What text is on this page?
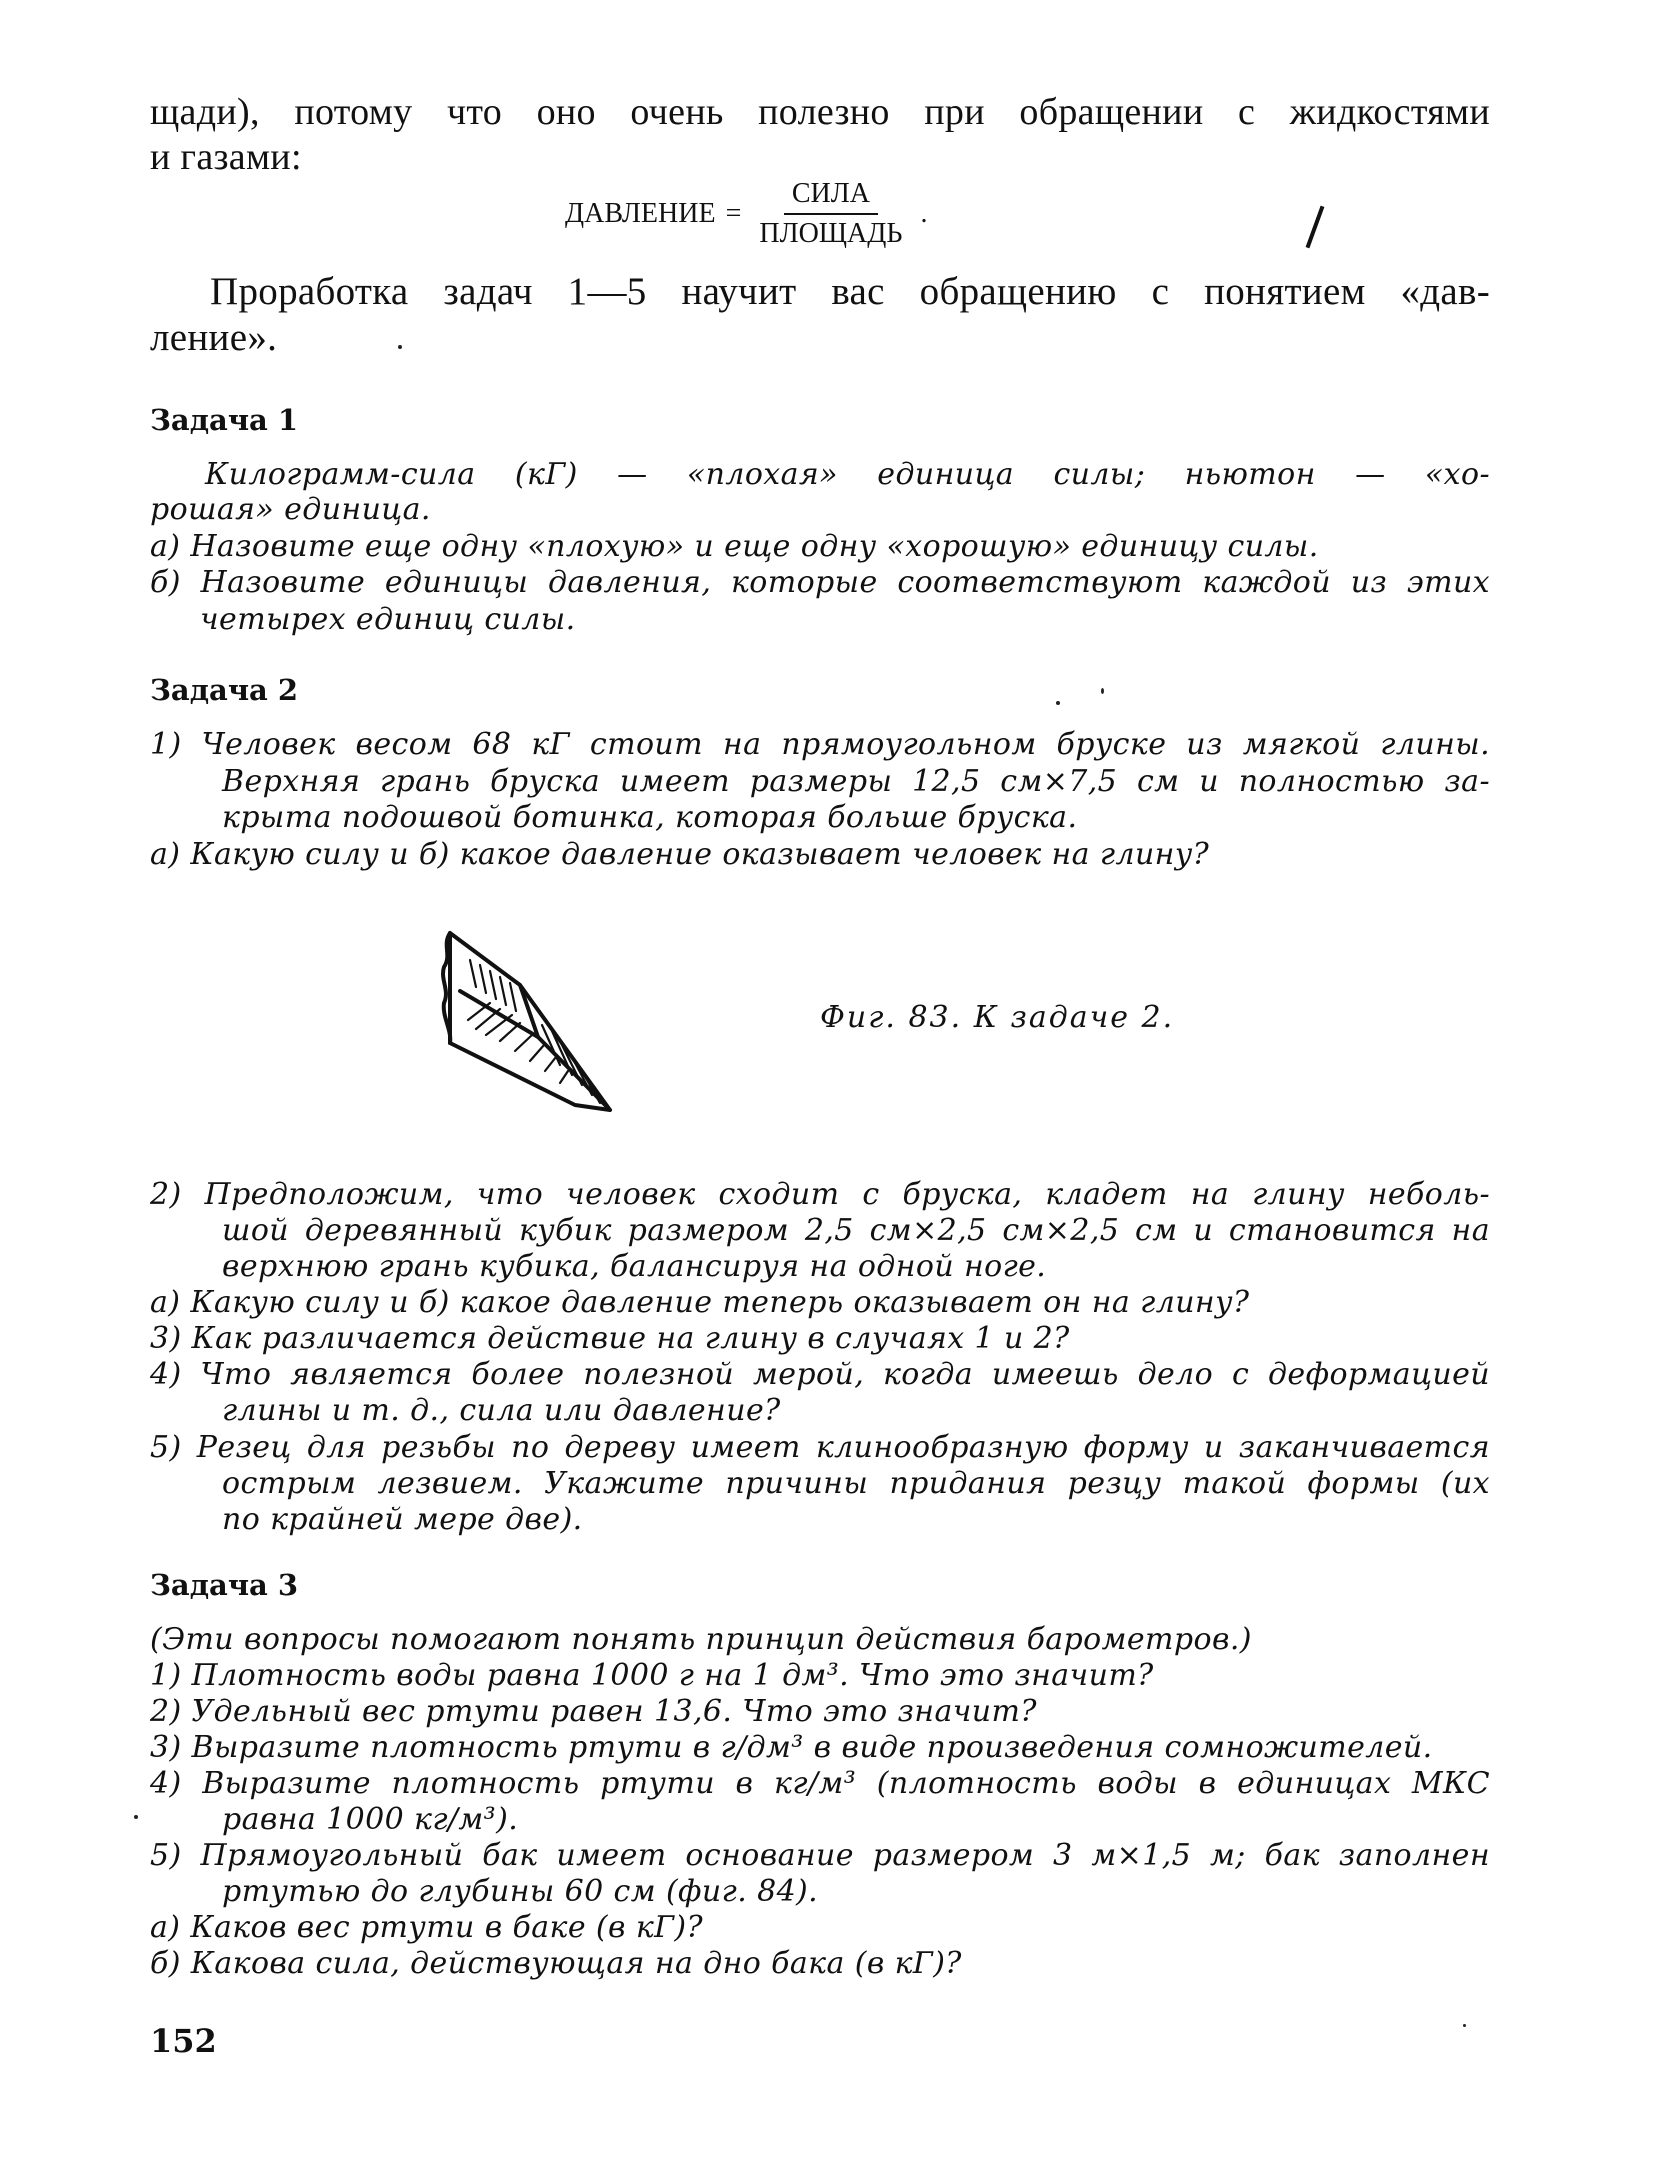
щади), потому что оно очень полезно при обращении с жидкостями
и газами:
ДАВЛЕНИЕ = $\frac{\text{СИЛА}}{\text{ПЛОЩАДЬ}}$ .
Проработка задач 1—5 научит вас обращению с понятием «дав-
ление».
Задача 1
Килограмм-сила (кГ) — «плохая» единица силы; ньютон — «хо-
рошая» единица.
а) Назовите еще одну «плохую» и еще одну «хорошую» единицу силы.
б) Назовите единицы давления, которые соответствуют каждой из этих
четырех единиц силы.
Задача 2
1) Человек весом 68 кГ стоит на прямоугольном бруске из мягкой глины.
Верхняя грань бруска имеет размеры 12,5 см×7,5 см и полностью за-
крыта подошвой ботинка, которая больше бруска.
а) Какую силу и б) какое давление оказывает человек на глину?
Фиг. 83. К задаче 2.
2) Предположим, что человек сходит с бруска, кладет на глину неболь-
шой деревянный кубик размером 2,5 см×2,5 см×2,5 см и становится на
верхнюю грань кубика, балансируя на одной ноге.
а) Какую силу и б) какое давление теперь оказывает он на глину?
3) Как различается действие на глину в случаях 1 и 2?
4) Что является более полезной мерой, когда имеешь дело с деформацией
глины и т. д., сила или давление?
5) Резец для резьбы по дереву имеет клинообразную форму и заканчивается
острым лезвием. Укажите причины придания резцу такой формы (их
по крайней мере две).
Задача 3
(Эти вопросы помогают понять принцип действия барометров.)
1) Плотность воды равна 1000 г на 1 дм³. Что это значит?
2) Удельный вес ртути равен 13,6. Что это значит?
3) Выразите плотность ртути в г/дм³ в виде произведения сомножителей.
4) Выразите плотность ртути в кг/м³ (плотность воды в единицах МКС
равна 1000 кг/м³).
5) Прямоугольный бак имеет основание размером 3 м×1,5 м; бак заполнен
ртутью до глубины 60 см (фиг. 84).
а) Каков вес ртути в баке (в кГ)?
б) Какова сила, действующая на дно бака (в кГ)?
152
